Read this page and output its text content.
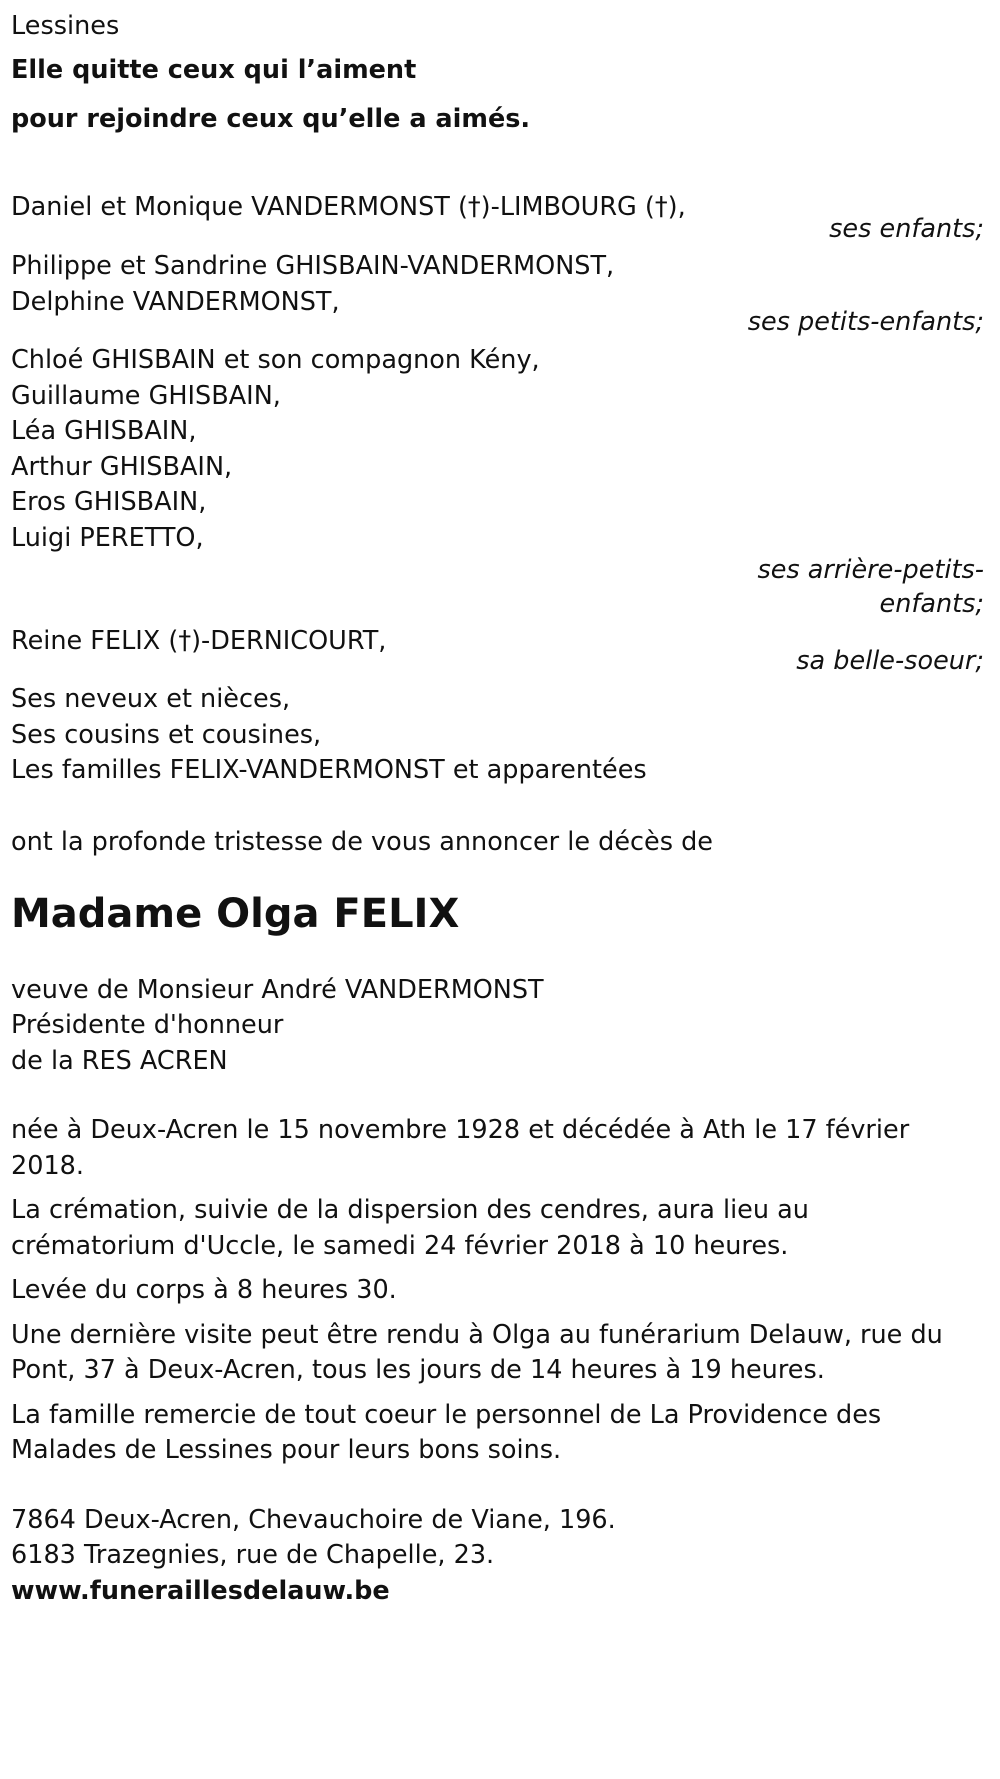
Lessines
Elle quitte ceux qui l’aiment
pour rejoindre ceux qu’elle a aimés.
Daniel et Monique VANDERMONST (†)-LIMBOURG (†),
ses enfants;
Philippe et Sandrine GHISBAIN-VANDERMONST,
Delphine VANDERMONST,
ses petits-enfants;
Chloé GHISBAIN et son compagnon Kény,
Guillaume GHISBAIN,
Léa GHISBAIN,
Arthur GHISBAIN,
Eros GHISBAIN,
Luigi PERETTO,
ses arrière-petits-
enfants;
Reine FELIX (†)-DERNICOURT,
sa belle-soeur;
Ses neveux et nièces,
Ses cousins et cousines,
Les familles FELIX-VANDERMONST et apparentées
ont la profonde tristesse de vous annoncer le décès de
Madame Olga FELIX
veuve de Monsieur André VANDERMONST
Présidente d'honneur
de la RES ACREN
née à Deux-Acren le 15 novembre 1928 et décédée à Ath le 17 février
2018.
La crémation, suivie de la dispersion des cendres, aura lieu au
crématorium d'Uccle, le samedi 24 février 2018 à 10 heures.
Levée du corps à 8 heures 30.
Une dernière visite peut être rendu à Olga au funérarium Delauw, rue du
Pont, 37 à Deux-Acren, tous les jours de 14 heures à 19 heures.
La famille remercie de tout coeur le personnel de La Providence des
Malades de Lessines pour leurs bons soins.
7864 Deux-Acren, Chevauchoire de Viane, 196.
6183 Trazegnies, rue de Chapelle, 23.
www.funeraillesdelauw.be
